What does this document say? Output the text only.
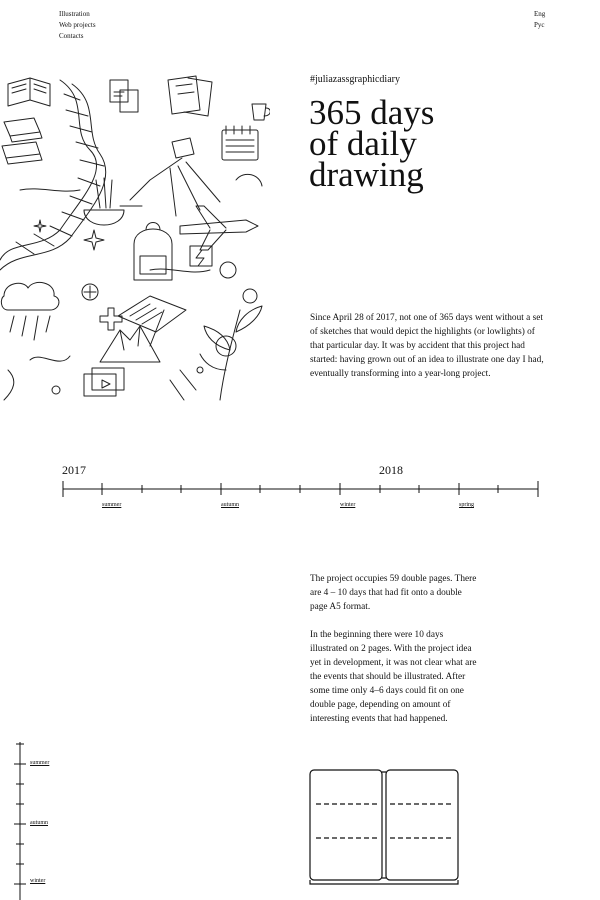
Illustration
Web projects
Contacts
Eng
Рус
#juliazassgraphicdiary
365 days
of daily
drawing

Since April 28 of 2017, not one of 365 days went without a set of sketches that would depict the highlights (or lowlights) of that particular day. It was by accident that this project had started: having grown out of an idea to illustrate one day I had, eventually transforming into a year-long project.

2017	2018
summer	autumn	winter	spring

The project occupies 59 double pages. There are 4 – 10 days that had fit onto a double page A5 format.

In the beginning there were 10 days illustrated on 2 pages. With the project idea yet in development, it was not clear what are the events that should be illustrated. After some time only 4–6 days could fit on one double page, depending on amount of interesting events that had happened.

summer
autumn
winter
